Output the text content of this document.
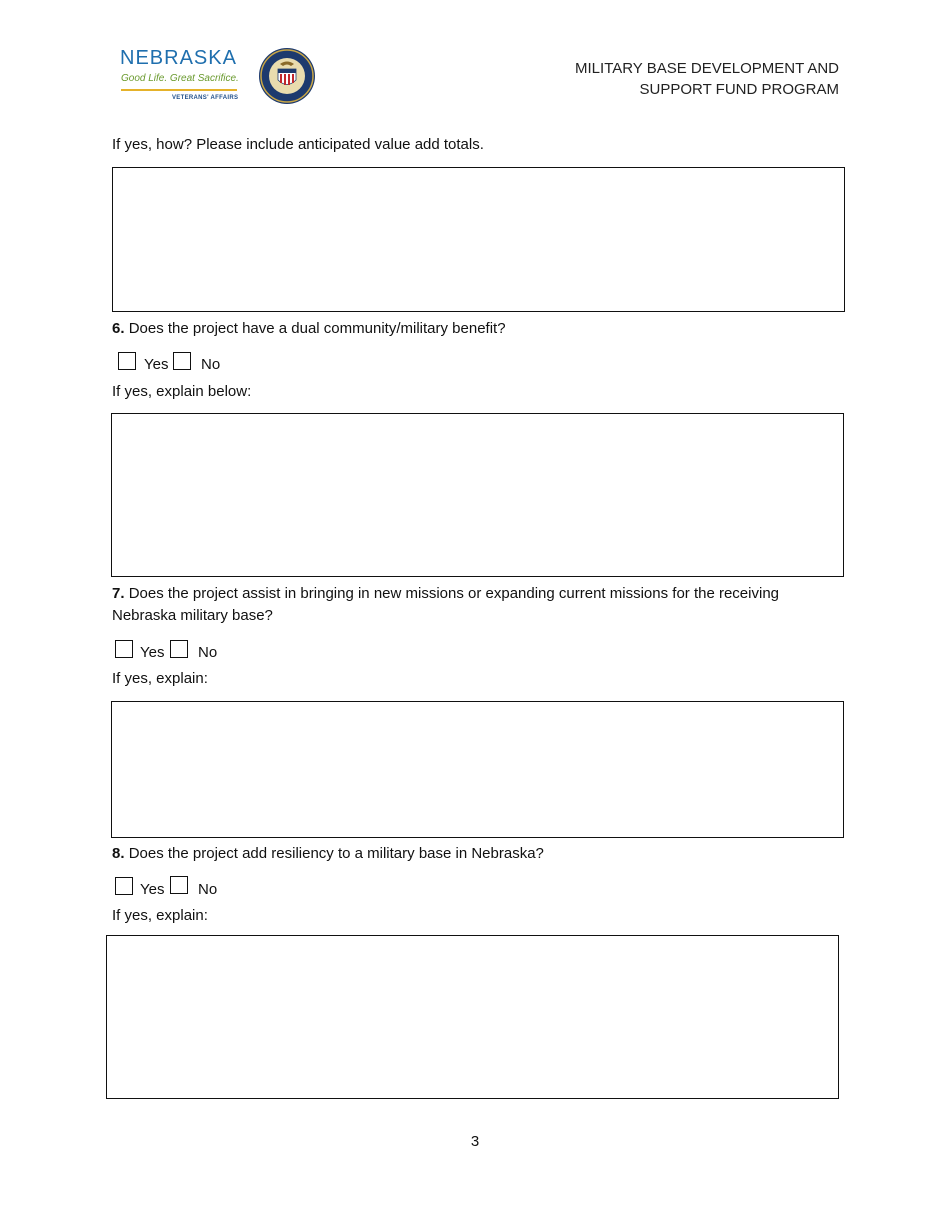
NEBRASKA
Good Life. Great Sacrifice.
VETERANS' AFFAIRS
MILITARY BASE DEVELOPMENT AND
SUPPORT FUND PROGRAM
If yes, how? Please include anticipated value add totals.
6. Does the project have a dual community/military benefit?
Yes No
If yes, explain below:
7. Does the project assist in bringing in new missions or expanding current missions for the receiving
Nebraska military base?
Yes No
If yes, explain:
8. Does the project add resiliency to a military base in Nebraska?
Yes No
If yes, explain:
3
